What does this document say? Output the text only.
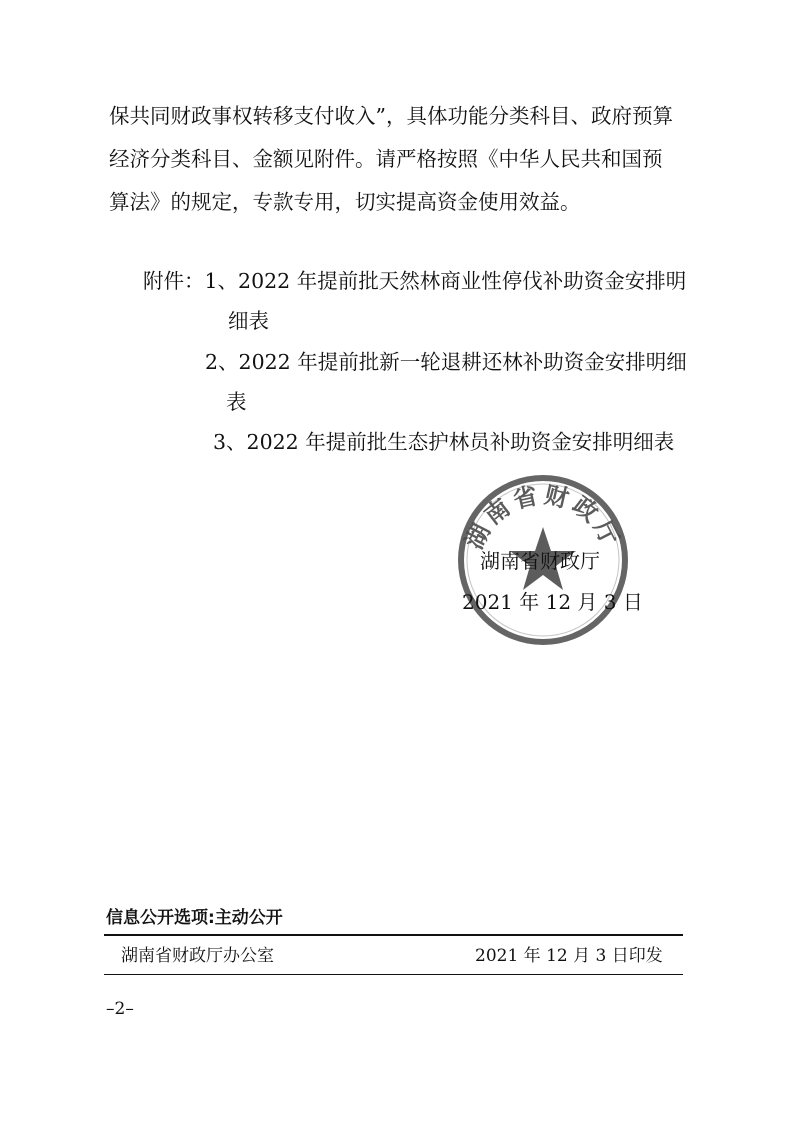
保共同财政事权转移支付收入”，具体功能分类科目、政府预算
经济分类科目、金额见附件。请严格按照《中华人民共和国预
算法》的规定，专款专用，切实提高资金使用效益。
附件：1、2022 年提前批天然林商业性停伐补助资金安排明
细表
2、2022 年提前批新一轮退耕还林补助资金安排明细
表
3、2022 年提前批生态护林员补助资金安排明细表
湖南省财政厅
湖南省财政厅
2021 年 12 月 3 日
信息公开选项:主动公开
湖南省财政厅办公室	2021 年 12 月 3 日印发
–2–
